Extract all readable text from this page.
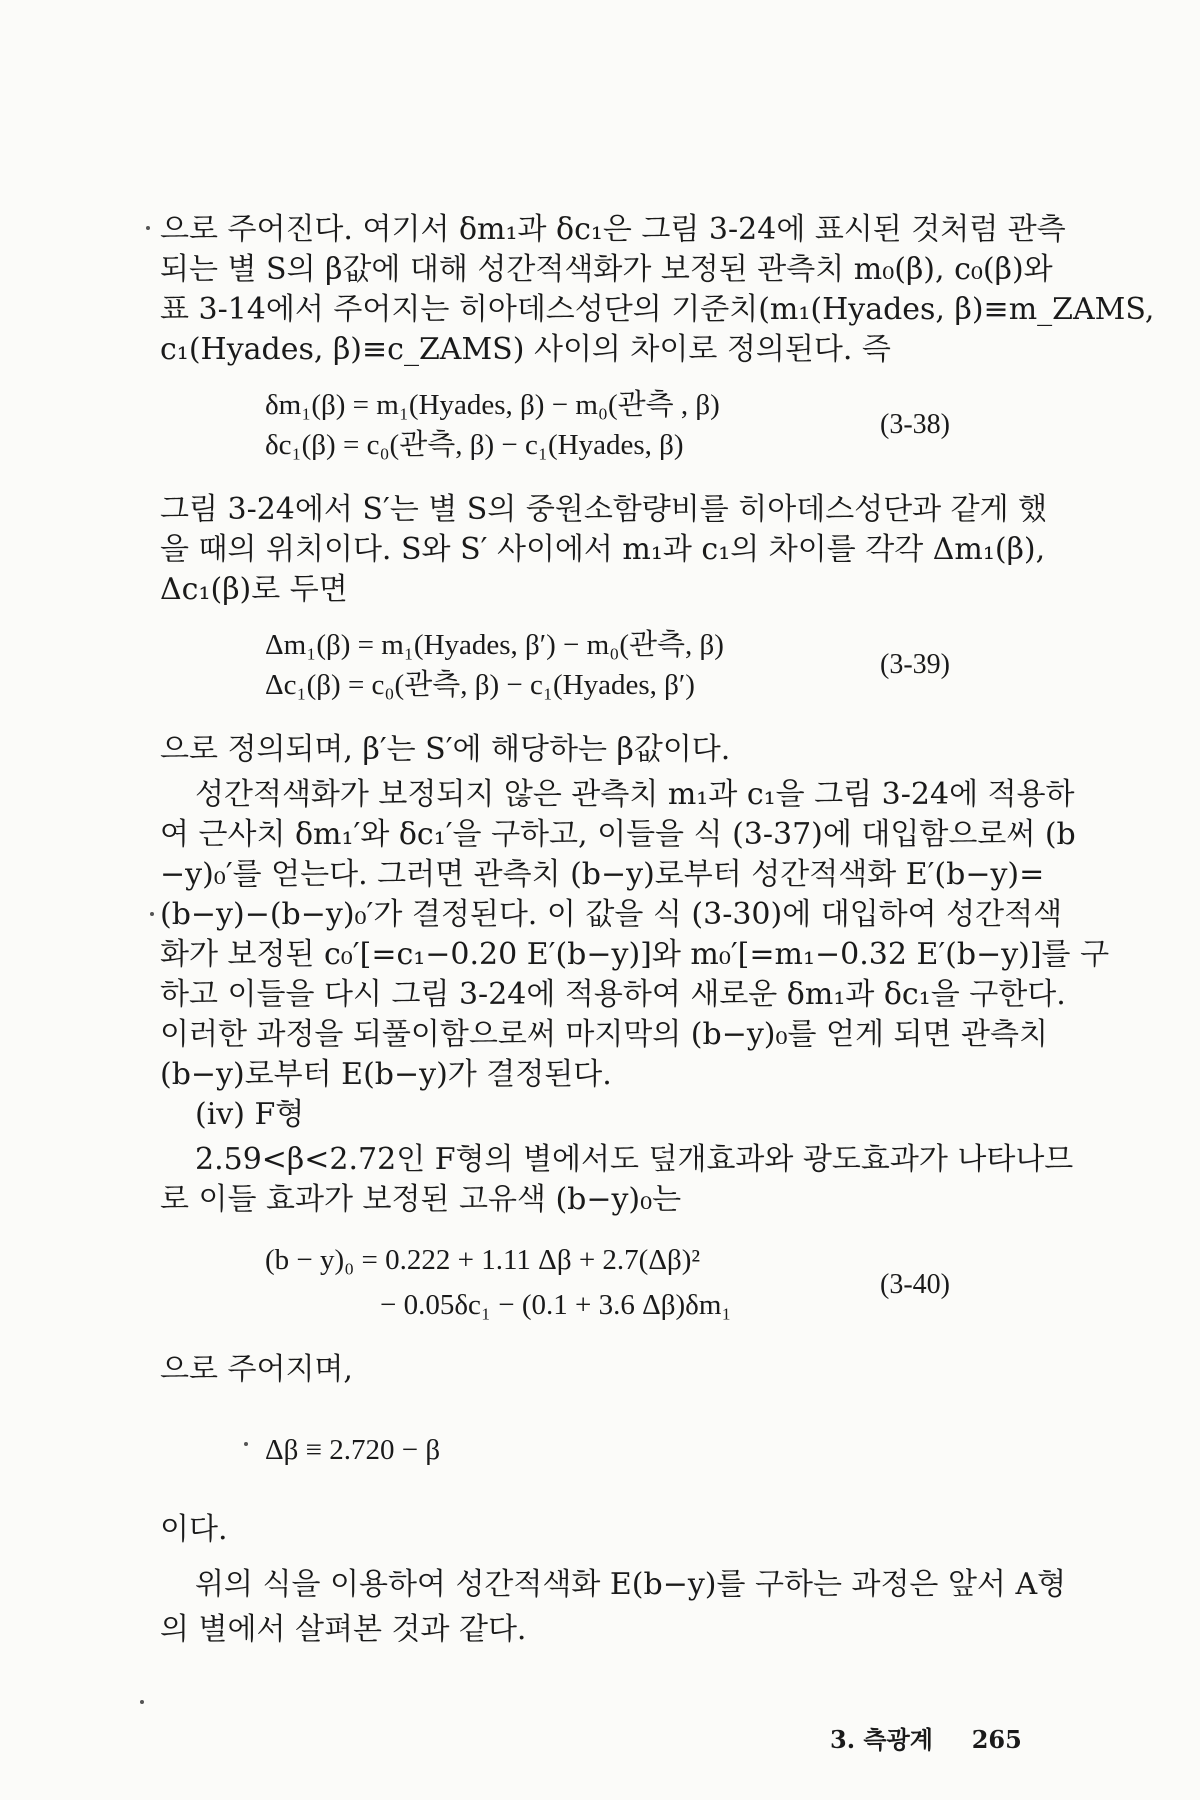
으로 주어진다. 여기서 δm₁과 δc₁은 그림 3-24에 표시된 것처럼 관측
되는 별 S의 β값에 대해 성간적색화가 보정된 관측치 m₀(β), c₀(β)와
표 3-14에서 주어지는 히아데스성단의 기준치(m₁(Hyades, β)≡m_ZAMS,
c₁(Hyades, β)≡c_ZAMS) 사이의 차이로 정의된다. 즉
δm₁(β) = m₁(Hyades, β) − m₀(관측 , β)
δc₁(β) = c₀(관측, β) − c₁(Hyades, β)
(3-38)
그림 3-24에서 S′는 별 S의 중원소함량비를 히아데스성단과 같게 했
을 때의 위치이다. S와 S′ 사이에서 m₁과 c₁의 차이를 각각 Δm₁(β),
Δc₁(β)로 두면
Δm₁(β) = m₁(Hyades, β′) − m₀(관측, β)
Δc₁(β) = c₀(관측, β) − c₁(Hyades, β′)
(3-39)
으로 정의되며, β′는 S′에 해당하는 β값이다.
성간적색화가 보정되지 않은 관측치 m₁과 c₁을 그림 3-24에 적용하
여 근사치 δm₁′와 δc₁′을 구하고, 이들을 식 (3-37)에 대입함으로써 (b
−y)₀′를 얻는다. 그러면 관측치 (b−y)로부터 성간적색화 E′(b−y)=
(b−y)−(b−y)₀′가 결정된다. 이 값을 식 (3-30)에 대입하여 성간적색
화가 보정된 c₀′[=c₁−0.20 E′(b−y)]와 m₀′[=m₁−0.32 E′(b−y)]를 구
하고 이들을 다시 그림 3-24에 적용하여 새로운 δm₁과 δc₁을 구한다.
이러한 과정을 되풀이함으로써 마지막의 (b−y)₀를 얻게 되면 관측치
(b−y)로부터 E(b−y)가 결정된다.
(iv) F형
2.59<β<2.72인 F형의 별에서도 덮개효과와 광도효과가 나타나므
로 이들 효과가 보정된 고유색 (b−y)₀는
(b − y)₀ = 0.222 + 1.11 Δβ + 2.7(Δβ)²
− 0.05δc₁ − (0.1 + 3.6 Δβ)δm₁
(3-40)
으로 주어지며,
Δβ ≡ 2.720 − β
이다.
위의 식을 이용하여 성간적색화 E(b−y)를 구하는 과정은 앞서 A형
의 별에서 살펴본 것과 같다.
3. 측광계 265
